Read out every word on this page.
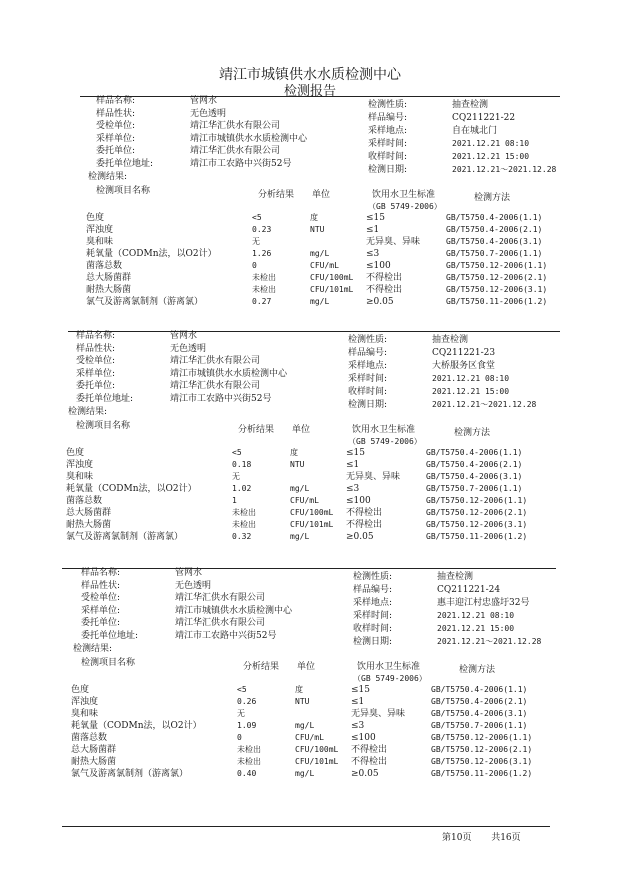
靖江市城镇供水水质检测中心
检测报告
样品名称:	管网水
样品性状:	无色透明
受检单位:	靖江华汇供水有限公司
采样单位:	靖江市城镇供水水质检测中心
委托单位:	靖江华汇供水有限公司
委托单位地址:	靖江市工农路中兴街52号
检测结果:
检测性质:	抽查检测
样品编号:	CQ211221-22
采样地点:	自在城北门
采样时间:	2021.12.21 08:10
收样时间:	2021.12.21 15:00
检测日期:	2021.12.21～2021.12.28
检测项目名称	分析结果 单位	饮用水卫生标准
（GB 5749-2006）
检测方法
色度	<5	度	≤15	GB/T5750.4-2006(1.1)
浑浊度	0.23	NTU	≤1	GB/T5750.4-2006(2.1)
臭和味	无	无异臭、异味	GB/T5750.4-2006(3.1)
耗氧量（CODMn法，以O2计）	1.26	mg/L	≤3	GB/T5750.7-2006(1.1)
菌落总数	0	CFU/mL	≤100	GB/T5750.12-2006(1.1)
总大肠菌群	未检出	CFU/100mL 不得检出	GB/T5750.12-2006(2.1)
耐热大肠菌	未检出	CFU/101mL 不得检出	GB/T5750.12-2006(3.1)
氯气及游离氯制剂（游离氯）	0.27	mg/L	≥0.05	GB/T5750.11-2006(1.2)
样品名称:	管网水
样品性状:	无色透明
受检单位:	靖江华汇供水有限公司
采样单位:	靖江市城镇供水水质检测中心
委托单位:	靖江华汇供水有限公司
委托单位地址:	靖江市工农路中兴街52号
检测结果:
检测性质:	抽查检测
样品编号:	CQ211221-23
采样地点:	大桥服务区食堂
采样时间:	2021.12.21 08:10
收样时间:	2021.12.21 15:00
检测日期:	2021.12.21～2021.12.28
检测项目名称	分析结果 单位	饮用水卫生标准
（GB 5749-2006）
检测方法
色度	<5	度	≤15	GB/T5750.4-2006(1.1)
浑浊度	0.18	NTU	≤1	GB/T5750.4-2006(2.1)
臭和味	无	无异臭、异味	GB/T5750.4-2006(3.1)
耗氧量（CODMn法，以O2计）	1.02	mg/L	≤3	GB/T5750.7-2006(1.1)
菌落总数	1	CFU/mL	≤100	GB/T5750.12-2006(1.1)
总大肠菌群	未检出	CFU/100mL 不得检出	GB/T5750.12-2006(2.1)
耐热大肠菌	未检出	CFU/101mL 不得检出	GB/T5750.12-2006(3.1)
氯气及游离氯制剂（游离氯）	0.32	mg/L	≥0.05	GB/T5750.11-2006(1.2)
样品名称:	管网水
样品性状:	无色透明
受检单位:	靖江华汇供水有限公司
采样单位:	靖江市城镇供水水质检测中心
委托单位:	靖江华汇供水有限公司
委托单位地址:	靖江市工农路中兴街52号
检测结果:
检测性质:	抽查检测
样品编号:	CQ211221-24
采样地点:	惠丰迎江村忠盛圩32号
采样时间:	2021.12.21 08:10
收样时间:	2021.12.21 15:00
检测日期:	2021.12.21～2021.12.28
检测项目名称	分析结果 单位	饮用水卫生标准
（GB 5749-2006）
检测方法
色度	<5	度	≤15	GB/T5750.4-2006(1.1)
浑浊度	0.26	NTU	≤1	GB/T5750.4-2006(2.1)
臭和味	无	无异臭、异味	GB/T5750.4-2006(3.1)
耗氧量（CODMn法，以O2计）	1.09	mg/L	≤3	GB/T5750.7-2006(1.1)
菌落总数	0	CFU/mL	≤100	GB/T5750.12-2006(1.1)
总大肠菌群	未检出	CFU/100mL 不得检出	GB/T5750.12-2006(2.1)
耐热大肠菌	未检出	CFU/101mL 不得检出	GB/T5750.12-2006(3.1)
氯气及游离氯制剂（游离氯）	0.40	mg/L	≥0.05	GB/T5750.11-2006(1.2)
第10页 共16页
